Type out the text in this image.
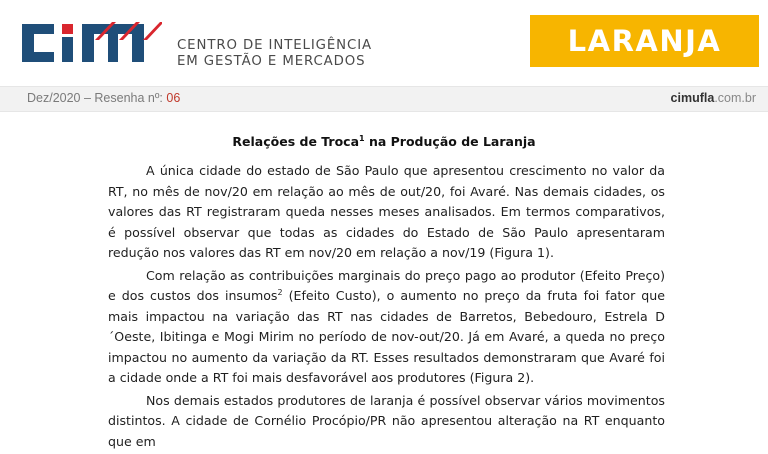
CENTRO DE INTELIGÊNCIA
EM GESTÃO E MERCADOS
LARANJA
Dez/2020 – Resenha nº: 06	cimufla.com.br
Relações de Troca$^1$ na Produção de Laranja

A única cidade do estado de São Paulo que apresentou crescimento no valor da RT, no mês de nov/20 em relação ao mês de out/20, foi Avaré. Nas demais cidades, os valores das RT registraram queda nesses meses analisados. Em termos comparativos, é possível observar que todas as cidades do Estado de São Paulo apresentaram redução nos valores das RT em nov/20 em relação a nov/19 (Figura 1).

Com relação as contribuições marginais do preço pago ao produtor (Efeito Preço) e dos custos dos insumos$^2$ (Efeito Custo), o aumento no preço da fruta foi fator que mais impactou na variação das RT nas cidades de Barretos, Bebedouro, Estrela D´Oeste, Ibitinga e Mogi Mirim no período de nov-out/20. Já em Avaré, a queda no preço impactou no aumento da variação da RT. Esses resultados demonstraram que Avaré foi a cidade onde a RT foi mais desfavorável aos produtores (Figura 2).

Nos demais estados produtores de laranja é possível observar vários movimentos distintos. A cidade de Cornélio Procópio/PR não apresentou alteração na RT enquanto que em
